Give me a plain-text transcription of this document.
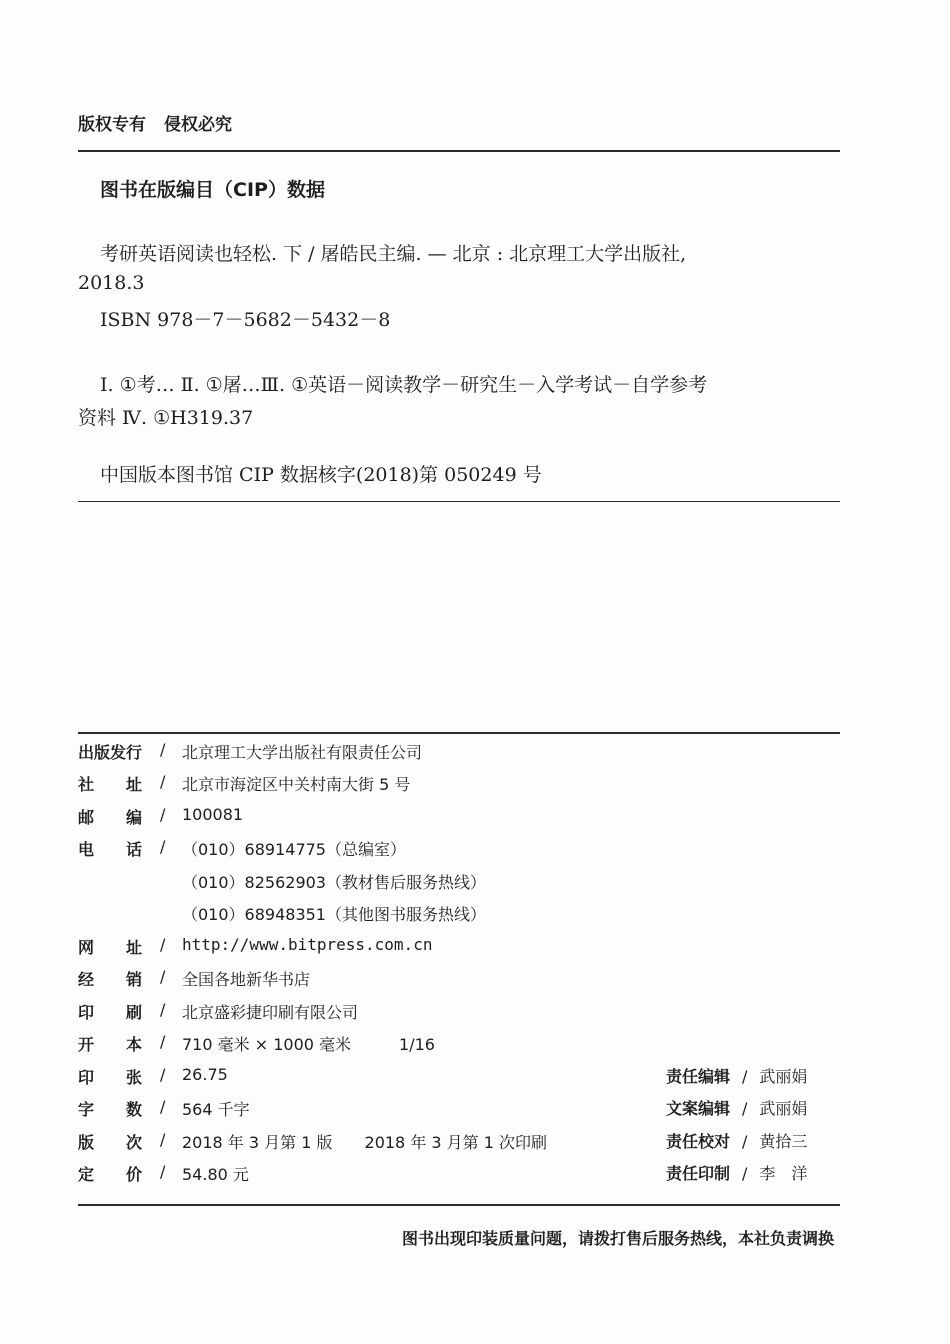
版权专有 侵权必究
图书在版编目（CIP）数据
考研英语阅读也轻松. 下 / 屠皓民主编. — 北京 : 北京理工大学出版社,
2018.3
ISBN 978－7－5682－5432－8
Ⅰ. ①考… Ⅱ. ①屠…Ⅲ. ①英语－阅读教学－研究生－入学考试－自学参考
资料 Ⅳ. ①H319.37
中国版本图书馆 CIP 数据核字(2018)第 050249 号
出版发行 / 北京理工大学出版社有限责任公司
社　　址 / 北京市海淀区中关村南大街 5 号
邮　　编 / 100081
电　　话 / （010）68914775（总编室）
（010）82562903（教材售后服务热线）
（010）68948351（其他图书服务热线）
网　　址 / http://www.bitpress.com.cn
经　　销 / 全国各地新华书店
印　　刷 / 北京盛彩捷印刷有限公司
开　　本 / 710 毫米 × 1000 毫米　　　1/16
印　　张 / 26.75
字　　数 / 564 千字
版　　次 / 2018 年 3 月第 1 版　　2018 年 3 月第 1 次印刷
定　　价 / 54.80 元
责任编辑 / 武丽娟
文案编辑 / 武丽娟
责任校对 / 黄拾三
责任印制 / 李　洋
图书出现印装质量问题，请拨打售后服务热线，本社负责调换
